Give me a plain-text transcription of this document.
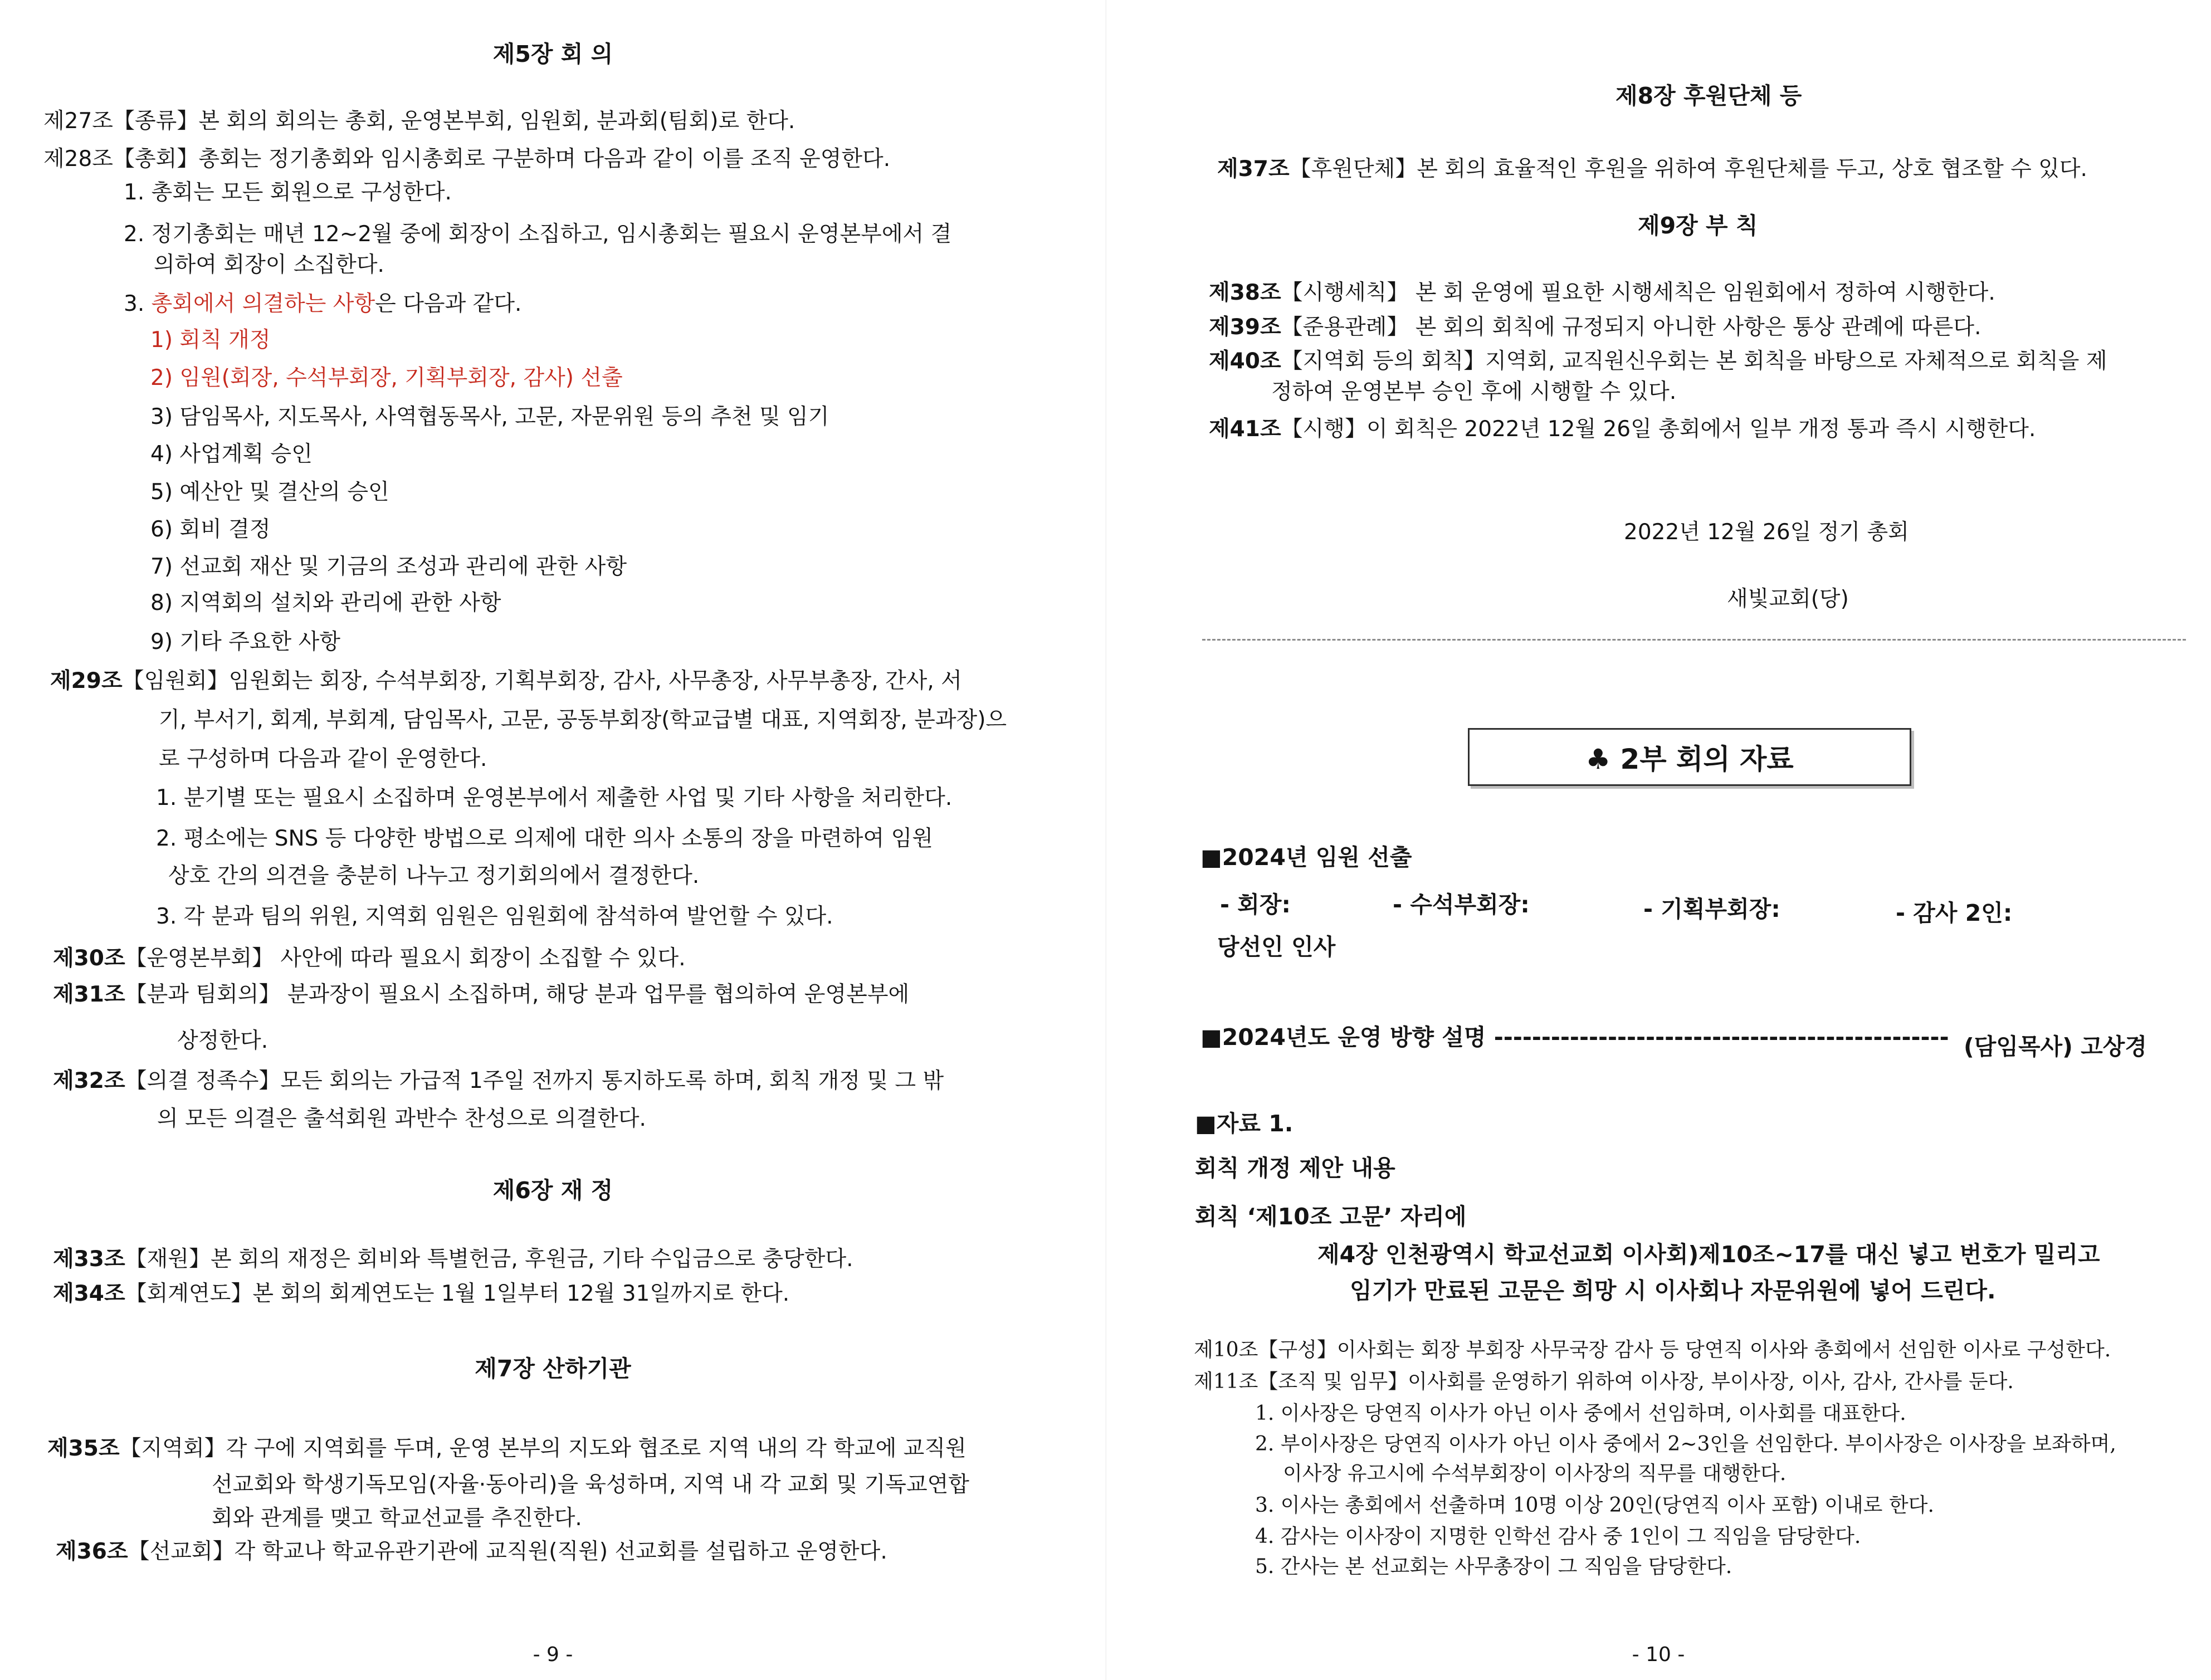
제5장 회 의
제27조【종류】본 회의 회의는 총회, 운영본부회, 임원회, 분과회(팀회)로 한다.
제28조【총회】총회는 정기총회와 임시총회로 구분하며 다음과 같이 이를 조직 운영한다.
1. 총회는 모든 회원으로 구성한다.
2. 정기총회는 매년 12~2월 중에 회장이 소집하고, 임시총회는 필요시 운영본부에서 결
의하여 회장이 소집한다.
3. 총회에서 의결하는 사항은 다음과 같다.
1) 회칙 개정
2) 임원(회장, 수석부회장, 기획부회장, 감사) 선출
3) 담임목사, 지도목사, 사역협동목사, 고문, 자문위원 등의 추천 및 임기
4) 사업계획 승인
5) 예산안 및 결산의 승인
6) 회비 결정
7) 선교회 재산 및 기금의 조성과 관리에 관한 사항
8) 지역회의 설치와 관리에 관한 사항
9) 기타 주요한 사항
제29조【임원회】임원회는 회장, 수석부회장, 기획부회장, 감사, 사무총장, 사무부총장, 간사, 서
기, 부서기, 회계, 부회계, 담임목사, 고문, 공동부회장(학교급별 대표, 지역회장, 분과장)으
로 구성하며 다음과 같이 운영한다.
1. 분기별 또는 필요시 소집하며 운영본부에서 제출한 사업 및 기타 사항을 처리한다.
2. 평소에는 SNS 등 다양한 방법으로 의제에 대한 의사 소통의 장을 마련하여 임원
상호 간의 의견을 충분히 나누고 정기회의에서 결정한다.
3. 각 분과 팀의 위원, 지역회 임원은 임원회에 참석하여 발언할 수 있다.
제30조【운영본부회】 사안에 따라 필요시 회장이 소집할 수 있다.
제31조【분과 팀회의】 분과장이 필요시 소집하며, 해당 분과 업무를 협의하여 운영본부에
상정한다.
제32조【의결 정족수】모든 회의는 가급적 1주일 전까지 통지하도록 하며, 회칙 개정 및 그 밖
의 모든 의결은 출석회원 과반수 찬성으로 의결한다.
제6장 재 정
제33조【재원】본 회의 재정은 회비와 특별헌금, 후원금, 기타 수입금으로 충당한다.
제34조【회계연도】본 회의 회계연도는 1월 1일부터 12월 31일까지로 한다.
제7장 산하기관
제35조【지역회】각 구에 지역회를 두며, 운영 본부의 지도와 협조로 지역 내의 각 학교에 교직원
선교회와 학생기독모임(자율·동아리)을 육성하며, 지역 내 각 교회 및 기독교연합
회와 관계를 맺고 학교선교를 추진한다.
제36조【선교회】각 학교나 학교유관기관에 교직원(직원) 선교회를 설립하고 운영한다.
- 9 -
제8장 후원단체 등
제37조【후원단체】본 회의 효율적인 후원을 위하여 후원단체를 두고, 상호 협조할 수 있다.
제9장 부 칙
제38조【시행세칙】 본 회 운영에 필요한 시행세칙은 임원회에서 정하여 시행한다.
제39조【준용관례】 본 회의 회칙에 규정되지 아니한 사항은 통상 관례에 따른다.
제40조【지역회 등의 회칙】지역회, 교직원신우회는 본 회칙을 바탕으로 자체적으로 회칙을 제
정하여 운영본부 승인 후에 시행할 수 있다.
제41조【시행】이 회칙은 2022년 12월 26일 총회에서 일부 개정 통과 즉시 시행한다.
2022년 12월 26일 정기 총회
새빛교회(당)
♣ 2부 회의 자료
■2024년 임원 선출
- 회장:	- 수석부회장:	- 기획부회장:	- 감사 2인:
당선인 인사
■2024년도 운영 방향 설명 ------------------------------------------------ (담임목사) 고상경
■자료 1.
회칙 개정 제안 내용
회칙 ‘제10조 고문’ 자리에
제4장 인천광역시 학교선교회 이사회)제10조~17를 대신 넣고 번호가 밀리고
임기가 만료된 고문은 희망 시 이사회나 자문위원에 넣어 드린다.
제10조【구성】이사회는 회장 부회장 사무국장 감사 등 당연직 이사와 총회에서 선임한 이사로 구성한다.
제11조【조직 및 임무】이사회를 운영하기 위하여 이사장, 부이사장, 이사, 감사, 간사를 둔다.
1. 이사장은 당연직 이사가 아닌 이사 중에서 선임하며, 이사회를 대표한다.
2. 부이사장은 당연직 이사가 아닌 이사 중에서 2~3인을 선임한다. 부이사장은 이사장을 보좌하며,
이사장 유고시에 수석부회장이 이사장의 직무를 대행한다.
3. 이사는 총회에서 선출하며 10명 이상 20인(당연직 이사 포함) 이내로 한다.
4. 감사는 이사장이 지명한 인학선 감사 중 1인이 그 직임을 담당한다.
5. 간사는 본 선교회는 사무총장이 그 직임을 담당한다.
- 10 -
